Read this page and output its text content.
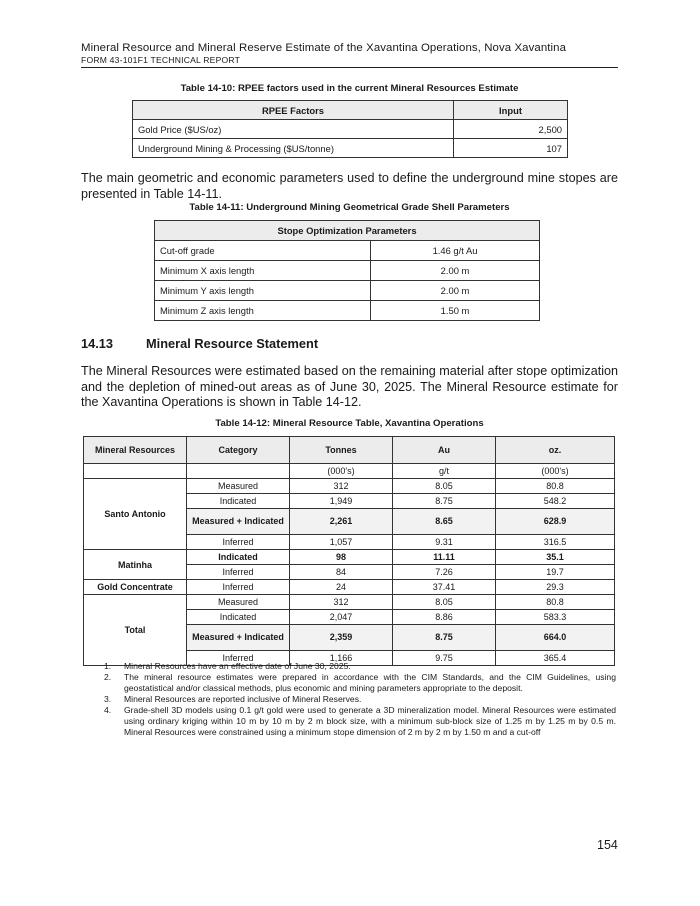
Mineral Resource and Mineral Reserve Estimate of the Xavantina Operations, Nova Xavantina
FORM 43-101F1 TECHNICAL REPORT
Table 14-10: RPEE factors used in the current Mineral Resources Estimate
RPEE Factors	Input
Gold Price ($US/oz)	2,500
Underground Mining & Processing ($US/tonne)	107
The main geometric and economic parameters used to define the underground mine stopes are presented in Table 14-11.
Table 14-11: Underground Mining Geometrical Grade Shell Parameters
Stope Optimization Parameters	
Cut-off grade	1.46 g/t Au
Minimum X axis length	2.00 m
Minimum Y axis length	2.00 m
Minimum Z axis length	1.50 m
14.13	Mineral Resource Statement
The Mineral Resources were estimated based on the remaining material after stope optimization and the depletion of mined-out areas as of June 30, 2025. The Mineral Resource estimate for the Xavantina Operations is shown in Table 14-12.
Table 14-12: Mineral Resource Table, Xavantina Operations
Mineral Resources	Category	Tonnes	Au	oz.
		(000's)	g/t	(000's)
Santo Antonio	Measured	312	8.05	80.8
	Indicated	1,949	8.75	548.2
	Measured + Indicated	2,261	8.65	628.9
	Inferred	1,057	9.31	316.5
Matinha	Indicated	98	11.11	35.1
	Inferred	84	7.26	19.7
Gold Concentrate	Inferred	24	37.41	29.3
Total	Measured	312	8.05	80.8
	Indicated	2,047	8.86	583.3
	Measured + Indicated	2,359	8.75	664.0
	Inferred	1,166	9.75	365.4
1. Mineral Resources have an effective date of June 30, 2025.
2. The mineral resource estimates were prepared in accordance with the CIM Standards, and the CIM Guidelines, using geostatistical and/or classical methods, plus economic and mining parameters appropriate to the deposit.
3. Mineral Resources are reported inclusive of Mineral Reserves.
4. Grade-shell 3D models using 0.1 g/t gold were used to generate a 3D mineralization model. Mineral Resources were estimated using ordinary kriging within 10 m by 10 m by 2 m block size, with a minimum sub-block size of 1.25 m by 1.25 m by 0.5 m. Mineral Resources were constrained using a minimum stope dimension of 2 m by 2 m by 1.50 m and a cut-off
154
